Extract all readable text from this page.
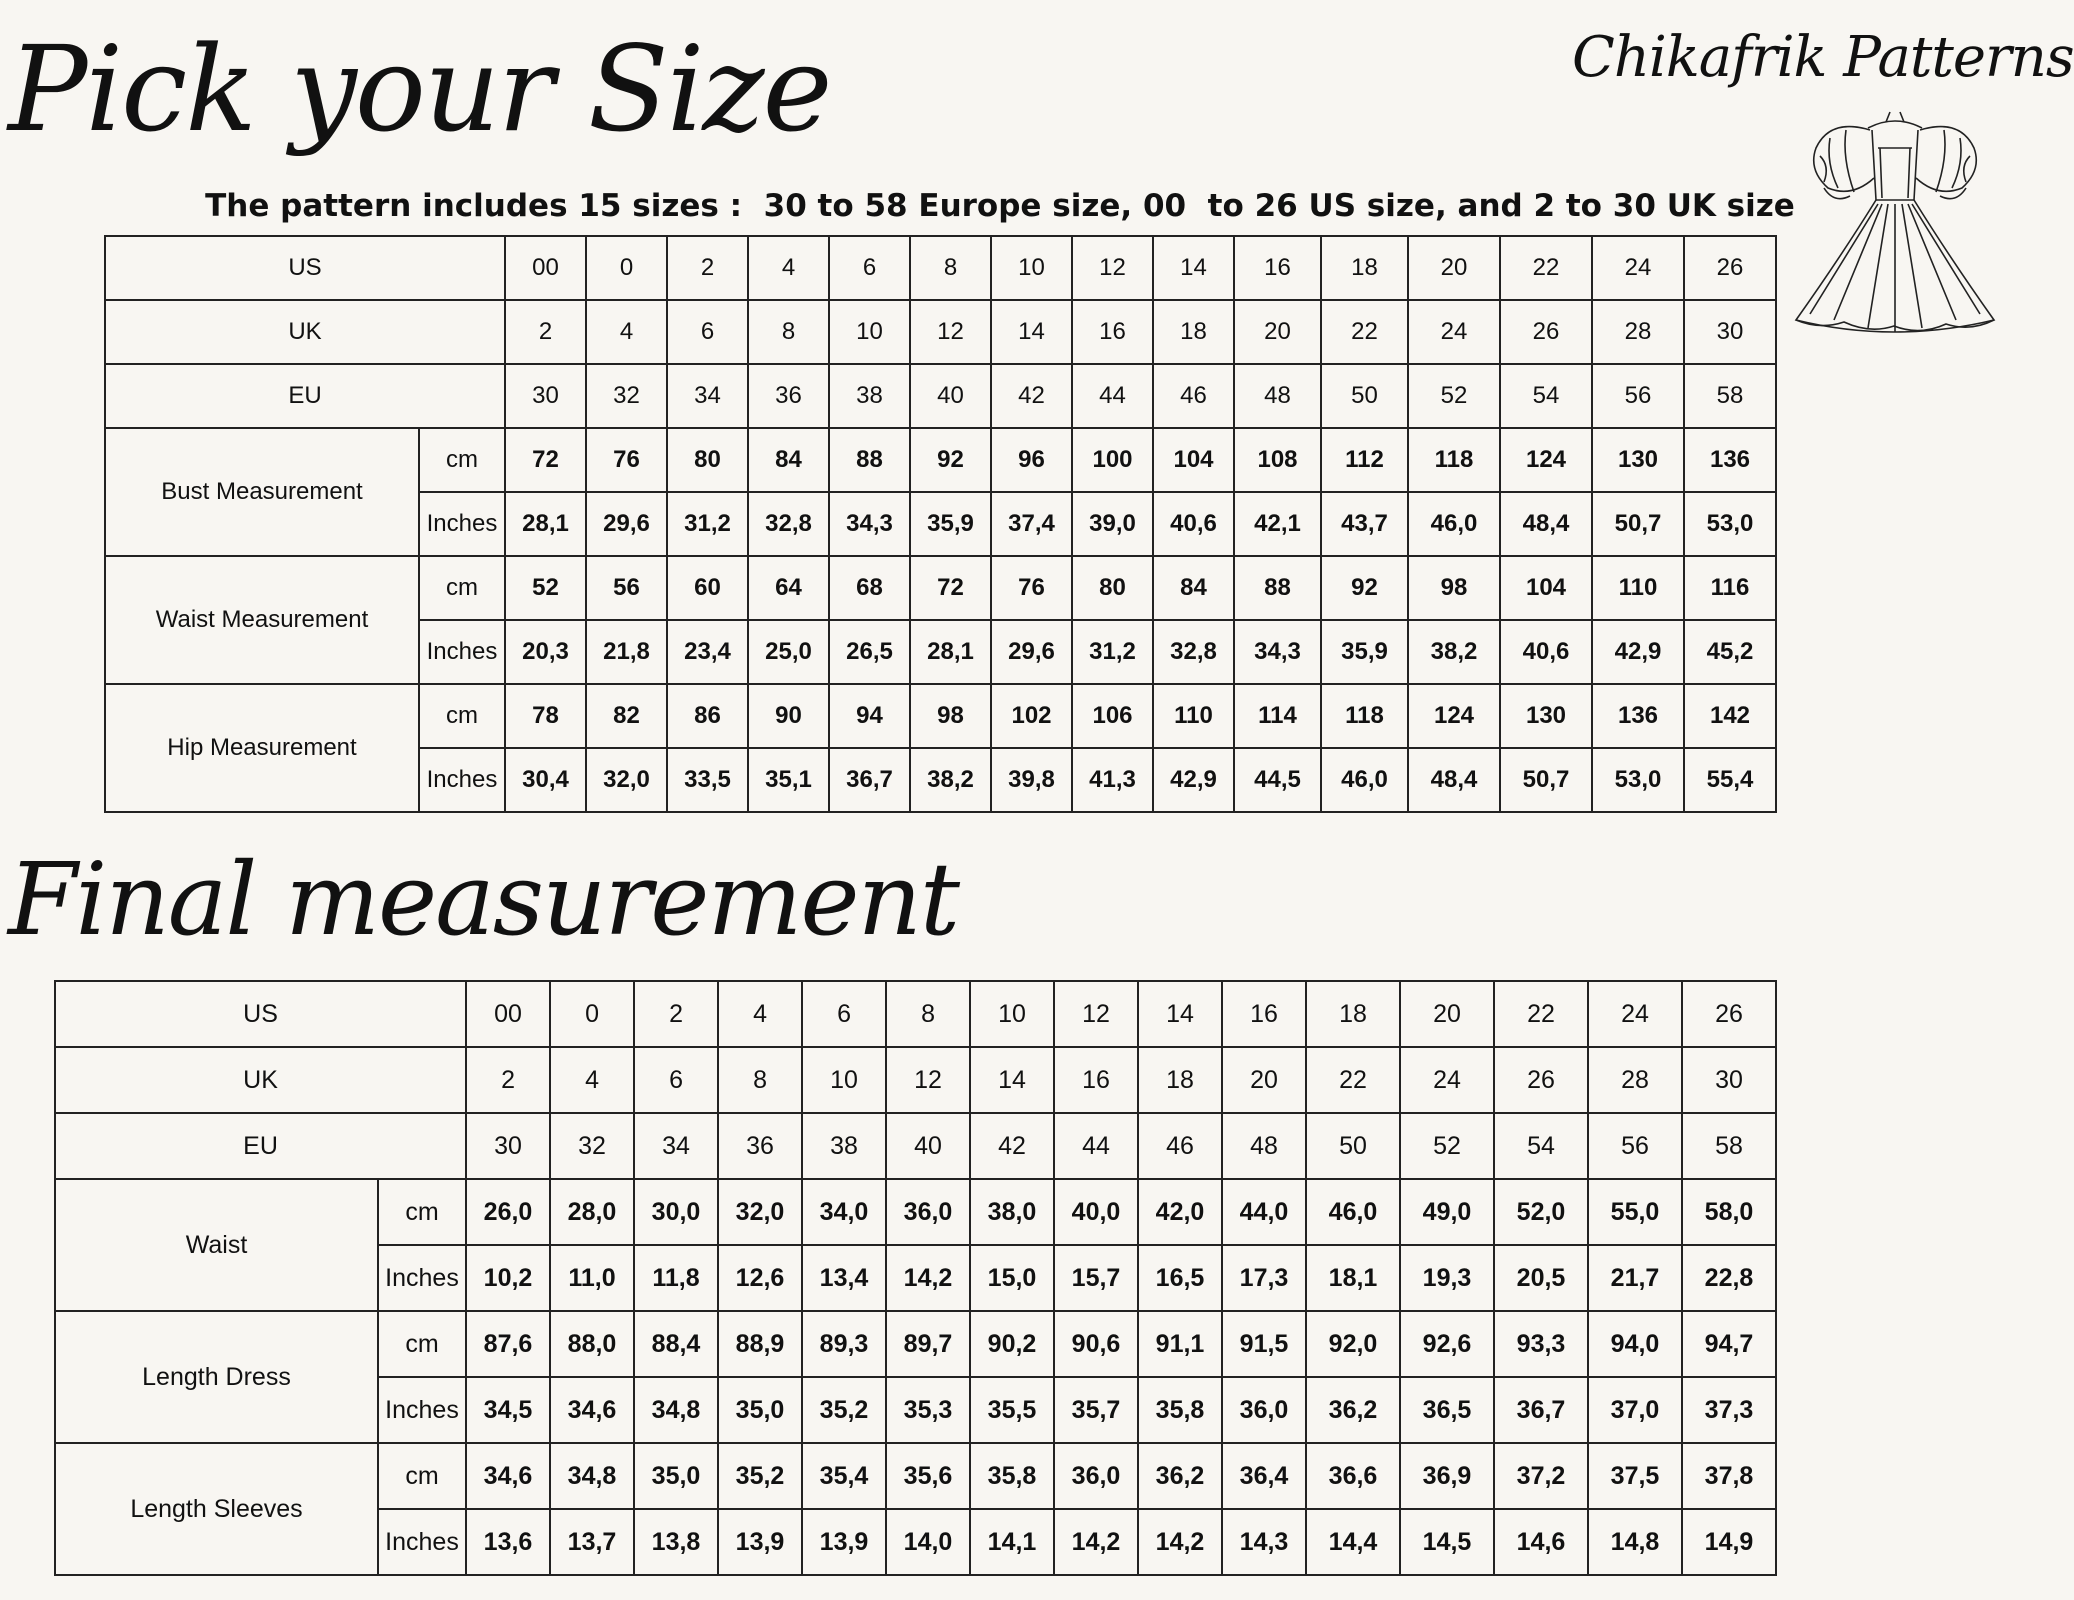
Pick your Size	Chikafrik Patterns
The pattern includes 15 sizes :  30 to 58 Europe size, 00  to 26 US size, and 2 to 30 UK size
US		00	0	2	4	6	8	10	12	14	16	18	20	22	24	26
UK		2	4	6	8	10	12	14	16	18	20	22	24	26	28	30
EU		30	32	34	36	38	40	42	44	46	48	50	52	54	56	58
Bust Measurement	cm	72	76	80	84	88	92	96	100	104	108	112	118	124	130	136
	Inches	28,1	29,6	31,2	32,8	34,3	35,9	37,4	39,0	40,6	42,1	43,7	46,0	48,4	50,7	53,0
Waist Measurement	cm	52	56	60	64	68	72	76	80	84	88	92	98	104	110	116
	Inches	20,3	21,8	23,4	25,0	26,5	28,1	29,6	31,2	32,8	34,3	35,9	38,2	40,6	42,9	45,2
Hip Measurement	cm	78	82	86	90	94	98	102	106	110	114	118	124	130	136	142
	Inches	30,4	32,0	33,5	35,1	36,7	38,2	39,8	41,3	42,9	44,5	46,0	48,4	50,7	53,0	55,4
Final measurement
US		00	0	2	4	6	8	10	12	14	16	18	20	22	24	26
UK		2	4	6	8	10	12	14	16	18	20	22	24	26	28	30
EU		30	32	34	36	38	40	42	44	46	48	50	52	54	56	58
Waist	cm	26,0	28,0	30,0	32,0	34,0	36,0	38,0	40,0	42,0	44,0	46,0	49,0	52,0	55,0	58,0
	Inches	10,2	11,0	11,8	12,6	13,4	14,2	15,0	15,7	16,5	17,3	18,1	19,3	20,5	21,7	22,8
Length Dress	cm	87,6	88,0	88,4	88,9	89,3	89,7	90,2	90,6	91,1	91,5	92,0	92,6	93,3	94,0	94,7
	Inches	34,5	34,6	34,8	35,0	35,2	35,3	35,5	35,7	35,8	36,0	36,2	36,5	36,7	37,0	37,3
Length Sleeves	cm	34,6	34,8	35,0	35,2	35,4	35,6	35,8	36,0	36,2	36,4	36,6	36,9	37,2	37,5	37,8
	Inches	13,6	13,7	13,8	13,9	13,9	14,0	14,1	14,2	14,2	14,3	14,4	14,5	14,6	14,8	14,9
